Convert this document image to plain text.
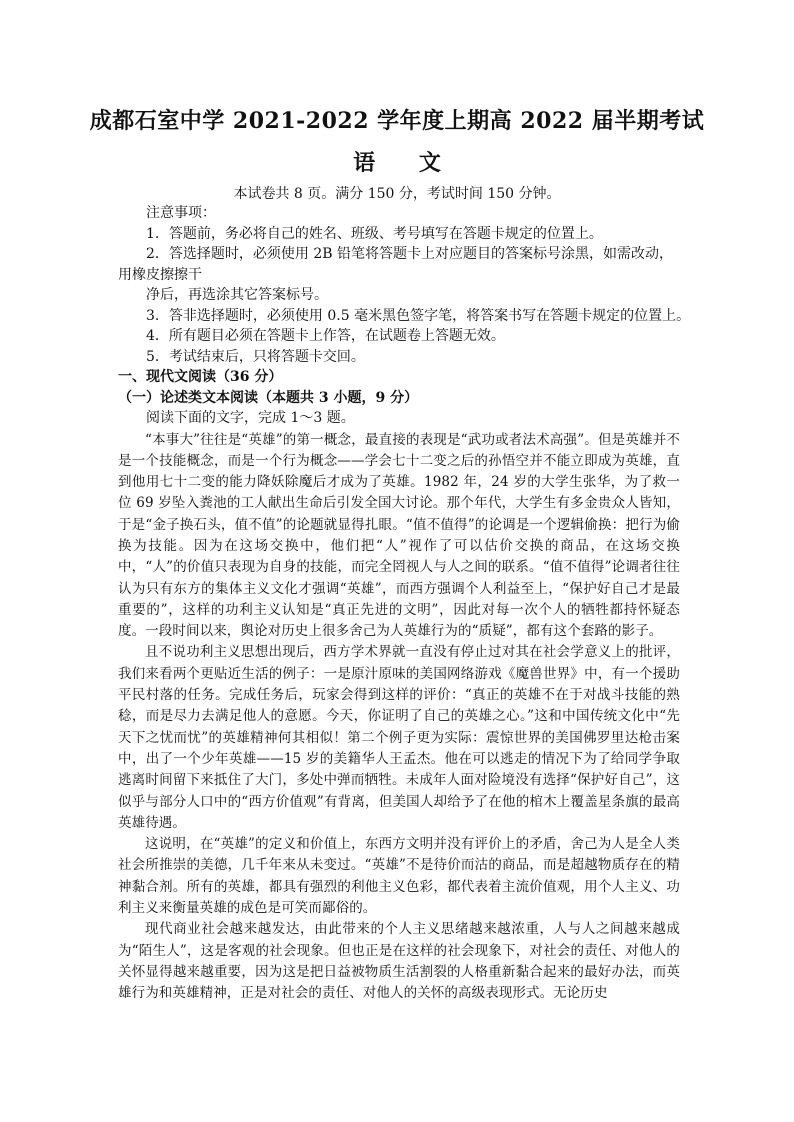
成都石室中学 2021-2022 学年度上期高 2022 届半期考试
语 文
本试卷共 8 页。满分 150 分，考试时间 150 分钟。

注意事项：

1．答题前，务必将自己的姓名、班级、考号填写在答题卡规定的位置上。

2．答选择题时，必须使用 2B 铅笔将答题卡上对应题目的答案标号涂黑，如需改动，

用橡皮擦擦干

净后，再选涂其它答案标号。

3．答非选择题时，必须使用 0.5 毫米黑色签字笔，将答案书写在答题卡规定的位置上。

4．所有题目必须在答题卡上作答，在试题卷上答题无效。

5．考试结束后，只将答题卡交回。

一、现代文阅读（36 分）

（一）论述类文本阅读（本题共 3 小题，9 分）

阅读下面的文字，完成 1～3 题。

“本事大”往往是“英雄”的第一概念，最直接的表现是“武功或者法术高强”。但是英雄并不是一个技能概念，而是一个行为概念——学会七十二变之后的孙悟空并不能立即成为英雄，直到他用七十二变的能力降妖除魔后才成为了英雄。1982 年，24 岁的大学生张华，为了救一位 69 岁坠入粪池的工人献出生命后引发全国大讨论。那个年代，大学生有多金贵众人皆知，于是“金子换石头，值不值”的论题就显得扎眼。“值不值得”的论调是一个逻辑偷换：把行为偷换为技能。因为在这场交换中，他们把“人”视作了可以估价交换的商品，在这场交换中，“人”的价值只表现为自身的技能，而完全罔视人与人之间的联系。“值不值得”论调者往往认为只有东方的集体主义文化才强调“英雄”，而西方强调个人利益至上，“保护好自己才是最重要的”，这样的功利主义认知是“真正先进的文明”，因此对每一次个人的牺牲都持怀疑态度。一段时间以来，舆论对历史上很多舍己为人英雄行为的“质疑”，都有这个套路的影子。

且不说功利主义思想出现后，西方学术界就一直没有停止过对其在社会学意义上的批评，我们来看两个更贴近生活的例子：一是原汁原味的美国网络游戏《魔兽世界》中，有一个援助平民村落的任务。完成任务后，玩家会得到这样的评价：“真正的英雄不在于对战斗技能的熟稔，而是尽力去满足他人的意愿。今天，你证明了自己的英雄之心。”这和中国传统文化中“先天下之忧而忧”的英雄精神何其相似！第二个例子更为实际：震惊世界的美国佛罗里达枪击案中，出了一个少年英雄——15 岁的美籍华人王孟杰。他在可以逃走的情况下为了给同学争取逃离时间留下来抵住了大门，多处中弹而牺牲。未成年人面对险境没有选择“保护好自己”，这似乎与部分人口中的“西方价值观”有背离，但美国人却给予了在他的棺木上覆盖星条旗的最高英雄待遇。

这说明，在“英雄”的定义和价值上，东西方文明并没有评价上的矛盾，舍己为人是全人类社会所推崇的美德，几千年来从未变过。“英雄”不是待价而沽的商品，而是超越物质存在的精神黏合剂。所有的英雄，都具有强烈的利他主义色彩，都代表着主流价值观，用个人主义、功利主义来衡量英雄的成色是可笑而鄙俗的。

现代商业社会越来越发达，由此带来的个人主义思绪越来越浓重，人与人之间越来越成为“陌生人”，这是客观的社会现象。但也正是在这样的社会现象下，对社会的责任、对他人的关怀显得越来越重要，因为这是把日益被物质生活割裂的人格重新黏合起来的最好办法，而英雄行为和英雄精神，正是对社会的责任、对他人的关怀的高级表现形式。无论历史
